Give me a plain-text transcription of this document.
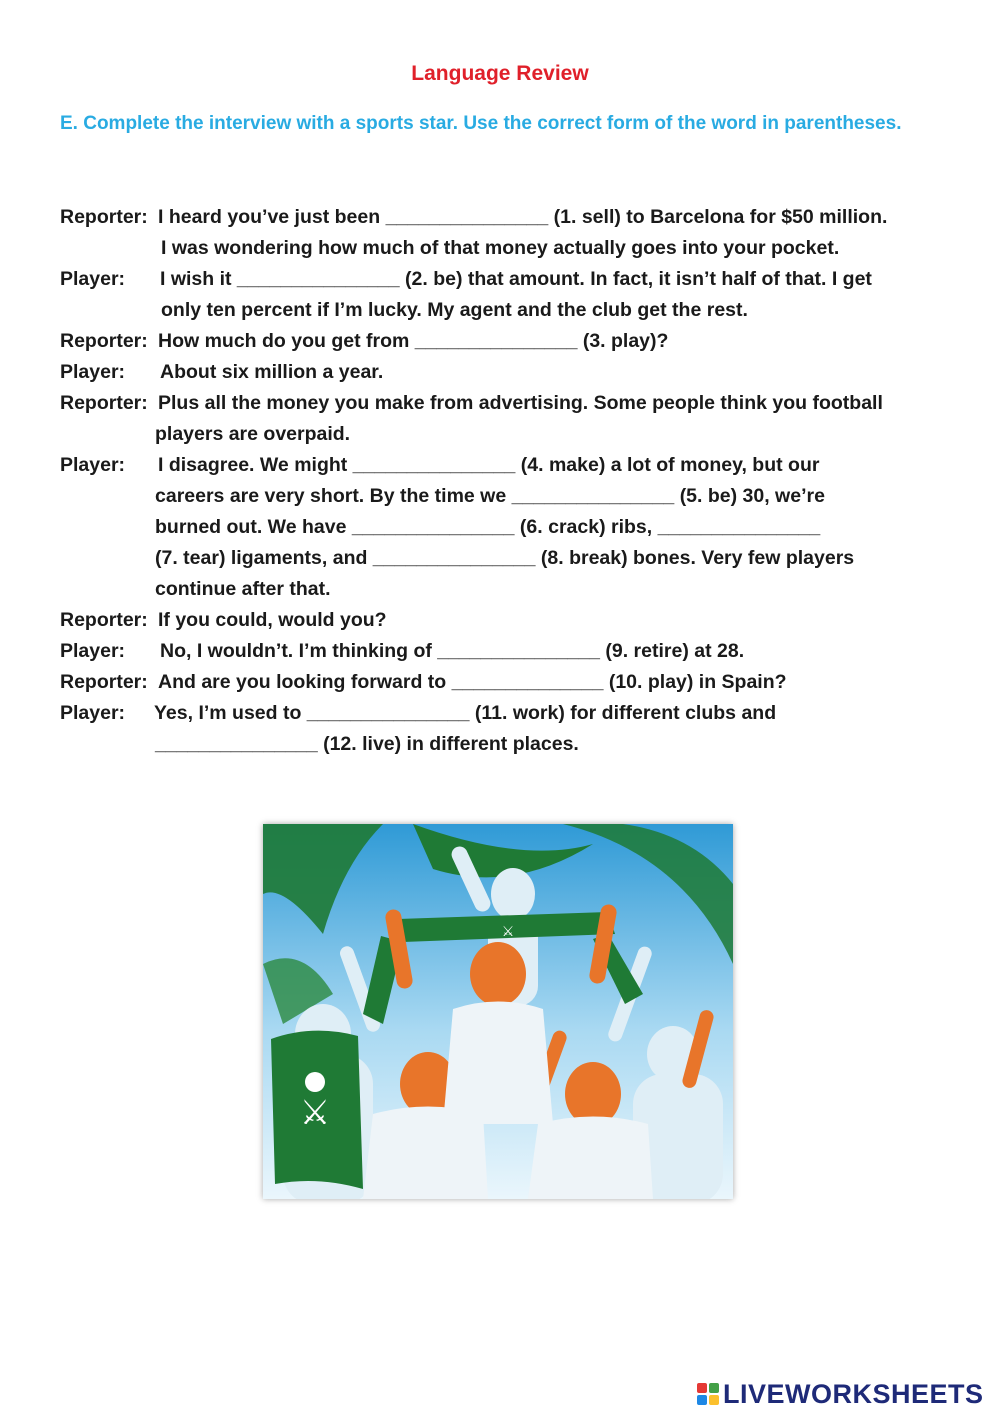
Language Review
E. Complete the interview with a sports star. Use the correct form of the word in parentheses.
Reporter: I heard you’ve just been _______________ (1. sell) to Barcelona for $50 million.
I was wondering how much of that money actually goes into your pocket.
Player: I wish it _______________ (2. be) that amount. In fact, it isn’t half of that. I get
only ten percent if I’m lucky. My agent and the club get the rest.
Reporter: How much do you get from _______________ (3. play)?
Player: About six million a year.
Reporter: Plus all the money you make from advertising. Some people think you football
players are overpaid.
Player: I disagree. We might _______________ (4. make) a lot of money, but our
careers are very short. By the time we _______________ (5. be) 30, we’re
burned out. We have _______________ (6. crack) ribs, _______________
(7. tear) ligaments, and _______________ (8. break) bones. Very few players
continue after that.
Reporter: If you could, would you?
Player: No, I wouldn’t. I’m thinking of _______________ (9. retire) at 28.
Reporter: And are you looking forward to ______________ (10. play) in Spain?
Player: Yes, I’m used to _______________ (11. work) for different clubs and
_______________ (12. live) in different places.
⚔
⚔
LIVEWORKSHEETS
